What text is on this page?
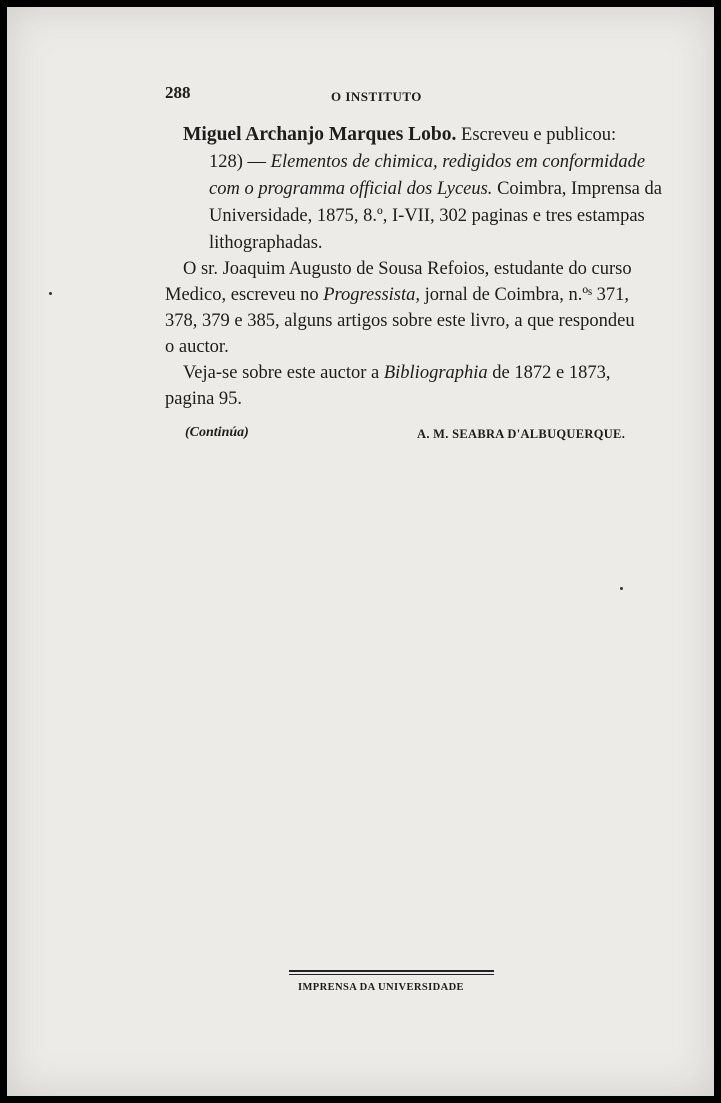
288	O INSTITUTO
Miguel Archanjo Marques Lobo. Escreveu e publicou:
128) — Elementos de chimica, redigidos em conformidade
com o programma official dos Lyceus. Coimbra, Imprensa da
Universidade, 1875, 8.º, I-VII, 302 paginas e tres estampas
lithographadas.
O sr. Joaquim Augusto de Sousa Refoios, estudante do curso
Medico, escreveu no Progressista, jornal de Coimbra, n.ºˢ 371,
378, 379 e 385, alguns artigos sobre este livro, a que respondeu
o auctor.
Veja-se sobre este auctor a Bibliographia de 1872 e 1873,
pagina 95.
(Continúa)	A. M. SEABRA D'ALBUQUERQUE.
IMPRENSA DA UNIVERSIDADE
